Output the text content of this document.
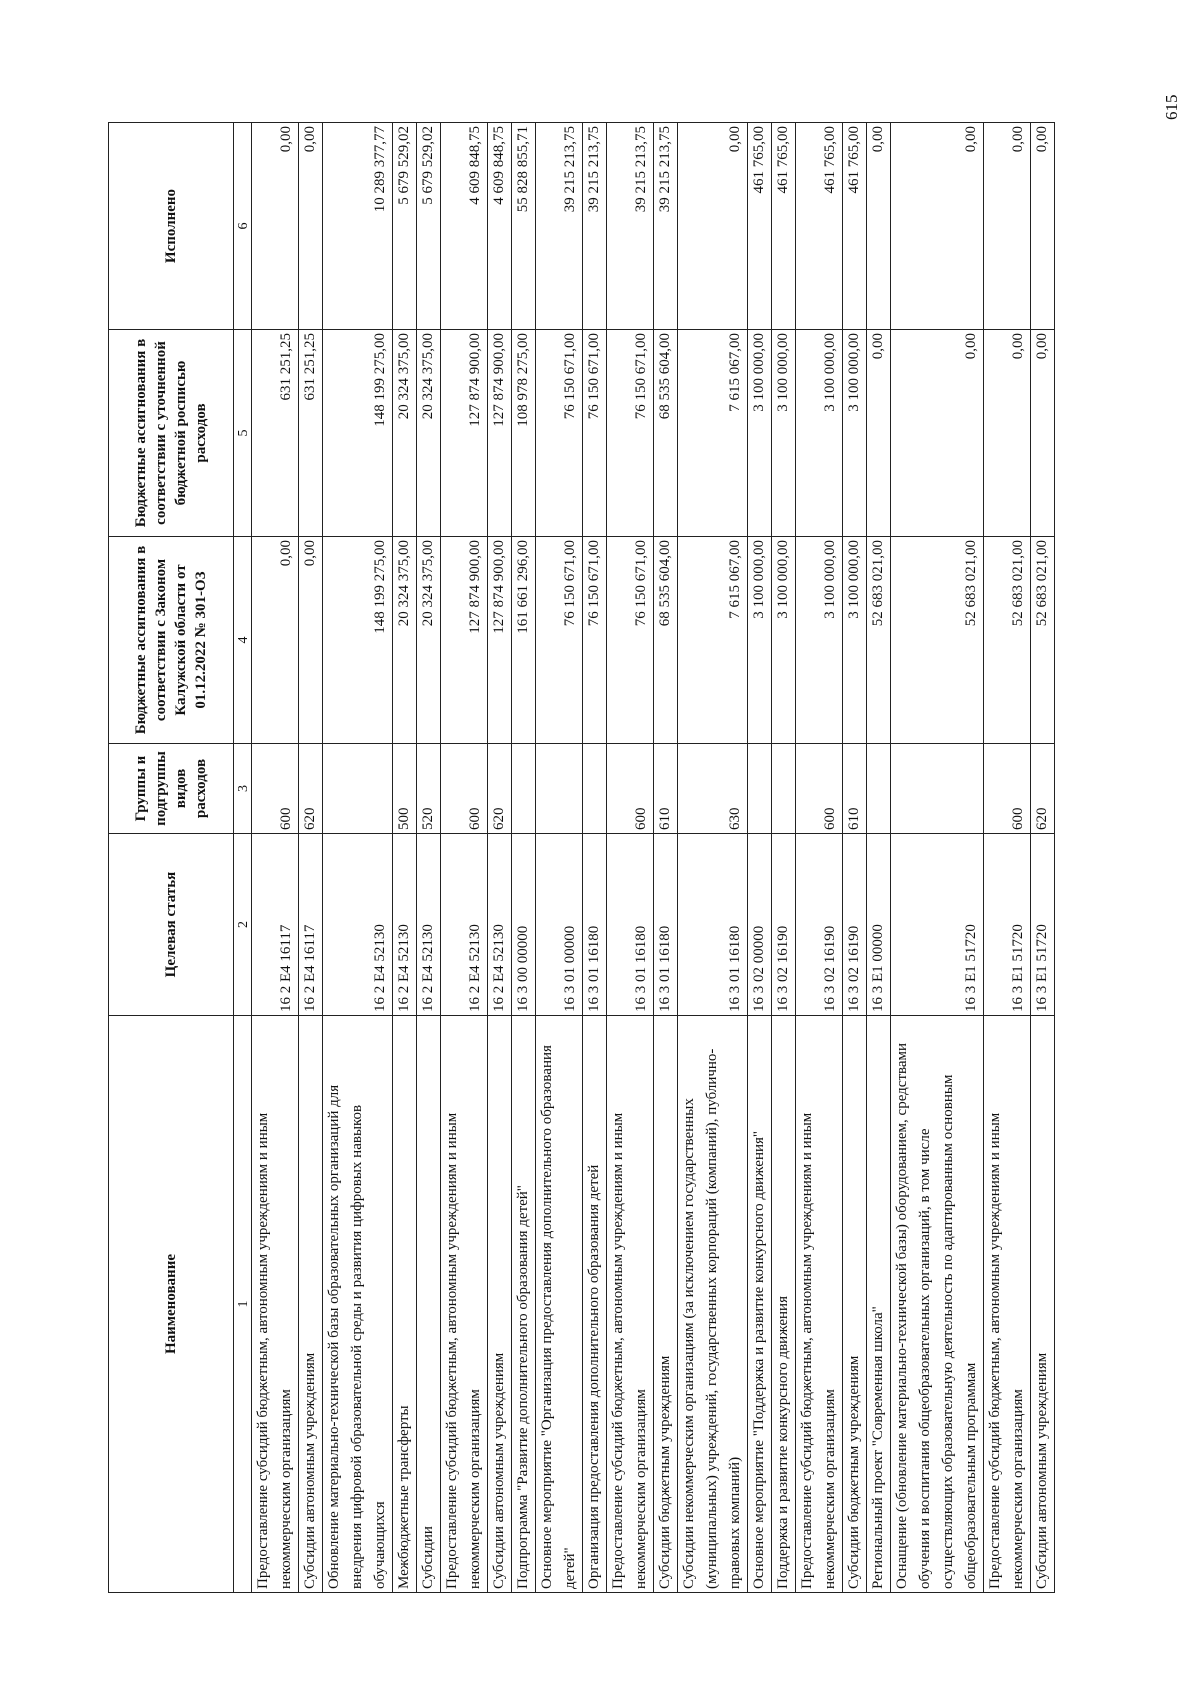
615
Наименование	Целевая статья	Группы и подгруппы видов расходов	Бюджетные ассигнования в соответствии с Законом Калужской области от 01.12.2022 № 301-ОЗ	Бюджетные ассигнования в соответствии с уточненной бюджетной росписью расходов	Исполнено
1	2	3	4	5	6
Предоставление субсидий бюджетным, автономным учреждениям и иным некоммерческим организациям	16 2 E4 16117	600	0,00	631 251,25	0,00
Субсидии автономным учреждениям	16 2 E4 16117	620	0,00	631 251,25	0,00
Обновление материально-технической базы образовательных организаций для внедрения цифровой образовательной среды и развития цифровых навыков обучающихся	16 2 E4 52130		148 199 275,00	148 199 275,00	10 289 377,77
Межбюджетные трансферты	16 2 E4 52130	500	20 324 375,00	20 324 375,00	5 679 529,02
Субсидии	16 2 E4 52130	520	20 324 375,00	20 324 375,00	5 679 529,02
Предоставление субсидий бюджетным, автономным учреждениям и иным некоммерческим организациям	16 2 E4 52130	600	127 874 900,00	127 874 900,00	4 609 848,75
Субсидии автономным учреждениям	16 2 E4 52130	620	127 874 900,00	127 874 900,00	4 609 848,75
Подпрограмма "Развитие дополнительного образования детей"	16 3 00 00000		161 661 296,00	108 978 275,00	55 828 855,71
Основное мероприятие "Организация предоставления дополнительного образования детей"	16 3 01 00000		76 150 671,00	76 150 671,00	39 215 213,75
Организация предоставления дополнительного образования детей	16 3 01 16180		76 150 671,00	76 150 671,00	39 215 213,75
Предоставление субсидий бюджетным, автономным учреждениям и иным некоммерческим организациям	16 3 01 16180	600	76 150 671,00	76 150 671,00	39 215 213,75
Субсидии бюджетным учреждениям	16 3 01 16180	610	68 535 604,00	68 535 604,00	39 215 213,75
Субсидии некоммерческим организациям (за исключением государственных (муниципальных) учреждений, государственных корпораций (компаний), публично-правовых компаний)	16 3 01 16180	630	7 615 067,00	7 615 067,00	0,00
Основное мероприятие "Поддержка и развитие конкурсного движения"	16 3 02 00000		3 100 000,00	3 100 000,00	461 765,00
Поддержка и развитие конкурсного движения	16 3 02 16190		3 100 000,00	3 100 000,00	461 765,00
Предоставление субсидий бюджетным, автономным учреждениям и иным некоммерческим организациям	16 3 02 16190	600	3 100 000,00	3 100 000,00	461 765,00
Субсидии бюджетным учреждениям	16 3 02 16190	610	3 100 000,00	3 100 000,00	461 765,00
Региональный проект "Современная школа"	16 3 E1 00000		52 683 021,00	0,00	0,00
Оснащение (обновление материально-технической базы) оборудованием, средствами обучения и воспитания общеобразовательных организаций, в том числе осуществляющих образовательную деятельность по адаптированным основным общеобразовательным программам	16 3 E1 51720		52 683 021,00	0,00	0,00
Предоставление субсидий бюджетным, автономным учреждениям и иным некоммерческим организациям	16 3 E1 51720	600	52 683 021,00	0,00	0,00
Субсидии автономным учреждениям	16 3 E1 51720	620	52 683 021,00	0,00	0,00
